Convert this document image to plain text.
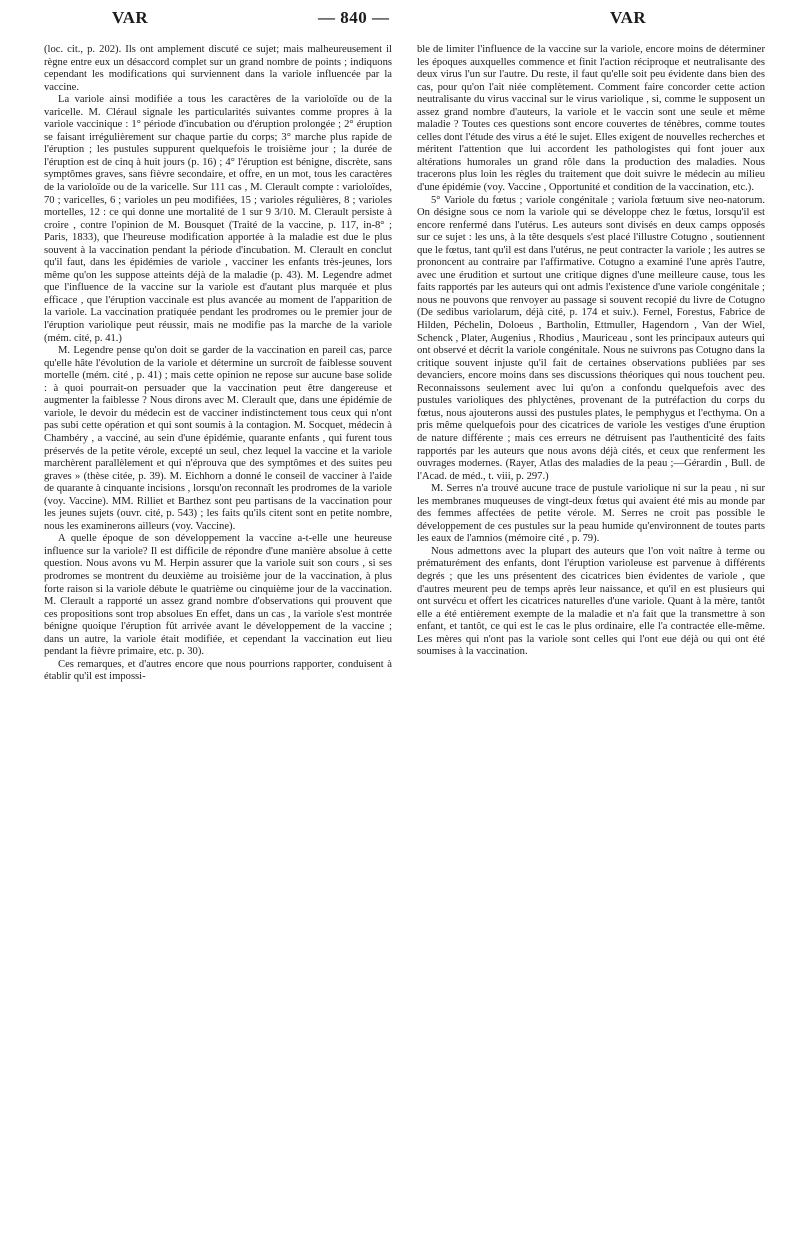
VAR	— 840 —	VAR

(loc. cit., p. 202). Ils ont amplement discuté ce sujet; mais malheureusement il règne entre eux un désaccord complet sur un grand nombre de points ; indiquons cependant les modifications qui surviennent dans la variole influencée par la vaccine.

La variole ainsi modifiée a tous les caractères de la varioloïde ou de la varicelle. M. Cléraul signale les particularités suivantes comme propres à la variole vaccinique : 1° période d'incubation ou d'éruption prolongée ; 2° éruption se faisant irrégulièrement sur chaque partie du corps; 3° marche plus rapide de l'éruption ; les pustules suppurent quelquefois le troisième jour ; la durée de l'éruption est de cinq à huit jours (p. 16) ; 4° l'éruption est bénigne, discrète, sans symptômes graves, sans fièvre secondaire, et offre, en un mot, tous les caractères de la varioloïde ou de la varicelle. Sur 111 cas , M. Clerault compte : varioloïdes, 70 ; varicelles, 6 ; varioles un peu modifiées, 15 ; varioles régulières, 8 ; varioles mortelles, 12 : ce qui donne une mortalité de 1 sur 9 3/10. M. Clerault persiste à croire , contre l'opinion de M. Bousquet (Traité de la vaccine, p. 117, in-8° ; Paris, 1833), que l'heureuse modification apportée à la maladie est due le plus souvent à la vaccination pendant la période d'incubation. M. Clerault en conclut qu'il faut, dans les épidémies de variole , vacciner les enfants très-jeunes, lors même qu'on les suppose atteints déjà de la maladie (p. 43). M. Legendre admet que l'influence de la vaccine sur la variole est d'autant plus marquée et plus efficace , que l'éruption vaccinale est plus avancée au moment de l'apparition de la variole. La vaccination pratiquée pendant les prodromes ou le premier jour de l'éruption variolique peut réussir, mais ne modifie pas la marche de la variole (mém. cité, p. 41.)

M. Legendre pense qu'on doit se garder de la vaccination en pareil cas, parce qu'elle hâte l'évolution de la variole et détermine un surcroît de faiblesse souvent mortelle (mém. cité , p. 41) ; mais cette opinion ne repose sur aucune base solide : à quoi pourrait-on persuader que la vaccination peut être dangereuse et augmenter la faiblesse ? Nous dirons avec M. Clerault que, dans une épidémie de variole, le devoir du médecin est de vacciner indistinctement tous ceux qui n'ont pas subi cette opération et qui sont soumis à la contagion. M. Socquet, médecin à Chambéry , a vacciné, au sein d'une épidémie, quarante enfants , qui furent tous préservés de la petite vérole, excepté un seul, chez lequel la vaccine et la variole marchèrent parallèlement et qui n'éprouva que des symptômes et des suites peu graves » (thèse citée, p. 39). M. Eichhorn a donné le conseil de vacciner à l'aide de quarante à cinquante incisions , lorsqu'on reconnaît les prodromes de la variole (voy. Vaccine). MM. Rilliet et Barthez sont peu partisans de la vaccination pour les jeunes sujets (ouvr. cité, p. 543) ; les faits qu'ils citent sont en petite nombre, nous les examinerons ailleurs (voy. Vaccine).

A quelle époque de son développement la vaccine a-t-elle une heureuse influence sur la variole? Il est difficile de répondre d'une manière absolue à cette question. Nous avons vu M. Herpin assurer que la variole suit son cours , si ses prodromes se montrent du deuxième au troisième jour de la vaccination, à plus forte raison si la variole débute le quatrième ou cinquième jour de la vaccination. M. Clerault a rapporté un assez grand nombre d'observations qui prouvent que ces propositions sont trop absolues En effet, dans un cas , la variole s'est montrée bénigne quoique l'éruption fût arrivée avant le développement de la vaccine ; dans un autre, la variole était modifiée, et cependant la vaccination eut lieu pendant la fièvre primaire, etc. p. 30).

Ces remarques, et d'autres encore que nous pourrions rapporter, conduisent à établir qu'il est impossi-

ble de limiter l'influence de la vaccine sur la variole, encore moins de déterminer les époques auxquelles commence et finit l'action réciproque et neutralisante des deux virus l'un sur l'autre. Du reste, il faut qu'elle soit peu évidente dans bien des cas, pour qu'on l'ait niée complètement. Comment faire concorder cette action neutralisante du virus vaccinal sur le virus variolique , si, comme le supposent un assez grand nombre d'auteurs, la variole et le vaccin sont une seule et même maladie ? Toutes ces questions sont encore couvertes de ténèbres, comme toutes celles dont l'étude des virus a été le sujet. Elles exigent de nouvelles recherches et méritent l'attention que lui accordent les pathologistes qui font jouer aux altérations humorales un grand rôle dans la production des maladies. Nous tracerons plus loin les règles du traitement que doit suivre le médecin au milieu d'une épidémie (voy. Vaccine , Opportunité et condition de la vaccination, etc.).

5° Variole du fœtus ; variole congénitale ; variola fœtuum sive neo-natorum. On désigne sous ce nom la variole qui se développe chez le fœtus, lorsqu'il est encore renfermé dans l'utérus. Les auteurs sont divisés en deux camps opposés sur ce sujet : les uns, à la tête desquels s'est placé l'illustre Cotugno , soutiennent que le fœtus, tant qu'il est dans l'utérus, ne peut contracter la variole ; les autres se prononcent au contraire par l'affirmative. Cotugno a examiné l'une après l'autre, avec une érudition et surtout une critique dignes d'une meilleure cause, tous les faits rapportés par les auteurs qui ont admis l'existence d'une variole congénitale ; nous ne pouvons que renvoyer au passage si souvent recopié du livre de Cotugno (De sedibus variolarum, déjà cité, p. 174 et suiv.). Fernel, Forestus, Fabrice de Hilden, Péchelin, Doloeus , Bartholin, Ettmuller, Hagendorn , Van der Wiel, Schenck , Plater, Augenius , Rhodius , Mauriceau , sont les principaux auteurs qui ont observé et décrit la variole congénitale. Nous ne suivrons pas Cotugno dans la critique souvent injuste qu'il fait de certaines observations publiées par ses devanciers, encore moins dans ses discussions théoriques qui nous touchent peu. Reconnaissons seulement avec lui qu'on a confondu quelquefois avec des pustules varioliques des phlyctènes, provenant de la putréfaction du corps du fœtus, nous ajouterons aussi des pustules plates, le pemphygus et l'ecthyma. On a pris même quelquefois pour des cicatrices de variole les vestiges d'une éruption de nature différente ; mais ces erreurs ne détruisent pas l'authenticité des faits rapportés par les auteurs que nous avons déjà cités, et ceux que renferment les ouvrages modernes. (Rayer, Atlas des maladies de la peau ;—Gérardin , Bull. de l'Acad. de méd., t. viii, p. 297.)

M. Serres n'a trouvé aucune trace de pustule variolique ni sur la peau , ni sur les membranes muqueuses de vingt-deux fœtus qui avaient été mis au monde par des femmes affectées de petite vérole. M. Serres ne croit pas possible le développement de ces pustules sur la peau humide qu'environnent de toutes parts les eaux de l'amnios (mémoire cité , p. 79).

Nous admettons avec la plupart des auteurs que l'on voit naître à terme ou prématurément des enfants, dont l'éruption varioleuse est parvenue à différents degrés ; que les uns présentent des cicatrices bien évidentes de variole , que d'autres meurent peu de temps après leur naissance, et qu'il en est plusieurs qui ont survécu et offert les cicatrices naturelles d'une variole. Quant à la mère, tantôt elle a été entièrement exempte de la maladie et n'a fait que la transmettre à son enfant, et tantôt, ce qui est le cas le plus ordinaire, elle l'a contractée elle-même. Les mères qui n'ont pas la variole sont celles qui l'ont eue déjà ou qui ont été soumises à la vaccination.
